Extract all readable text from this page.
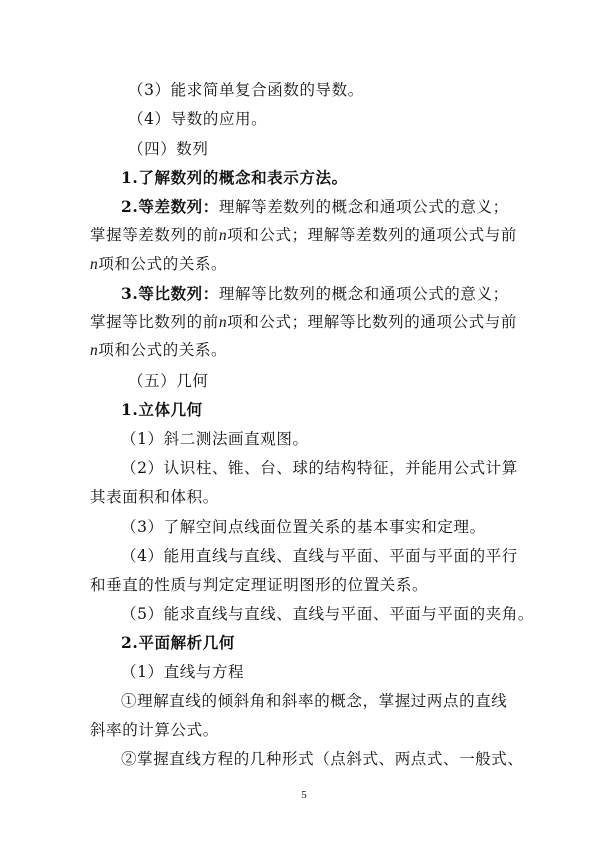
（3）能求简单复合函数的导数。
（4）导数的应用。
（四）数列
1.了解数列的概念和表示方法。
2.等差数列：理解等差数列的概念和通项公式的意义；
掌握等差数列的前n项和公式；理解等差数列的通项公式与前
n项和公式的关系。
3.等比数列：理解等比数列的概念和通项公式的意义；
掌握等比数列的前n项和公式；理解等比数列的通项公式与前
n项和公式的关系。
（五）几何
1.立体几何
（1）斜二测法画直观图。
（2）认识柱、锥、台、球的结构特征，并能用公式计算
其表面积和体积。
（3）了解空间点线面位置关系的基本事实和定理。
（4）能用直线与直线、直线与平面、平面与平面的平行
和垂直的性质与判定定理证明图形的位置关系。
（5）能求直线与直线、直线与平面、平面与平面的夹角。
2.平面解析几何
（1）直线与方程
①理解直线的倾斜角和斜率的概念，掌握过两点的直线
斜率的计算公式。
②掌握直线方程的几种形式（点斜式、两点式、一般式、
5
